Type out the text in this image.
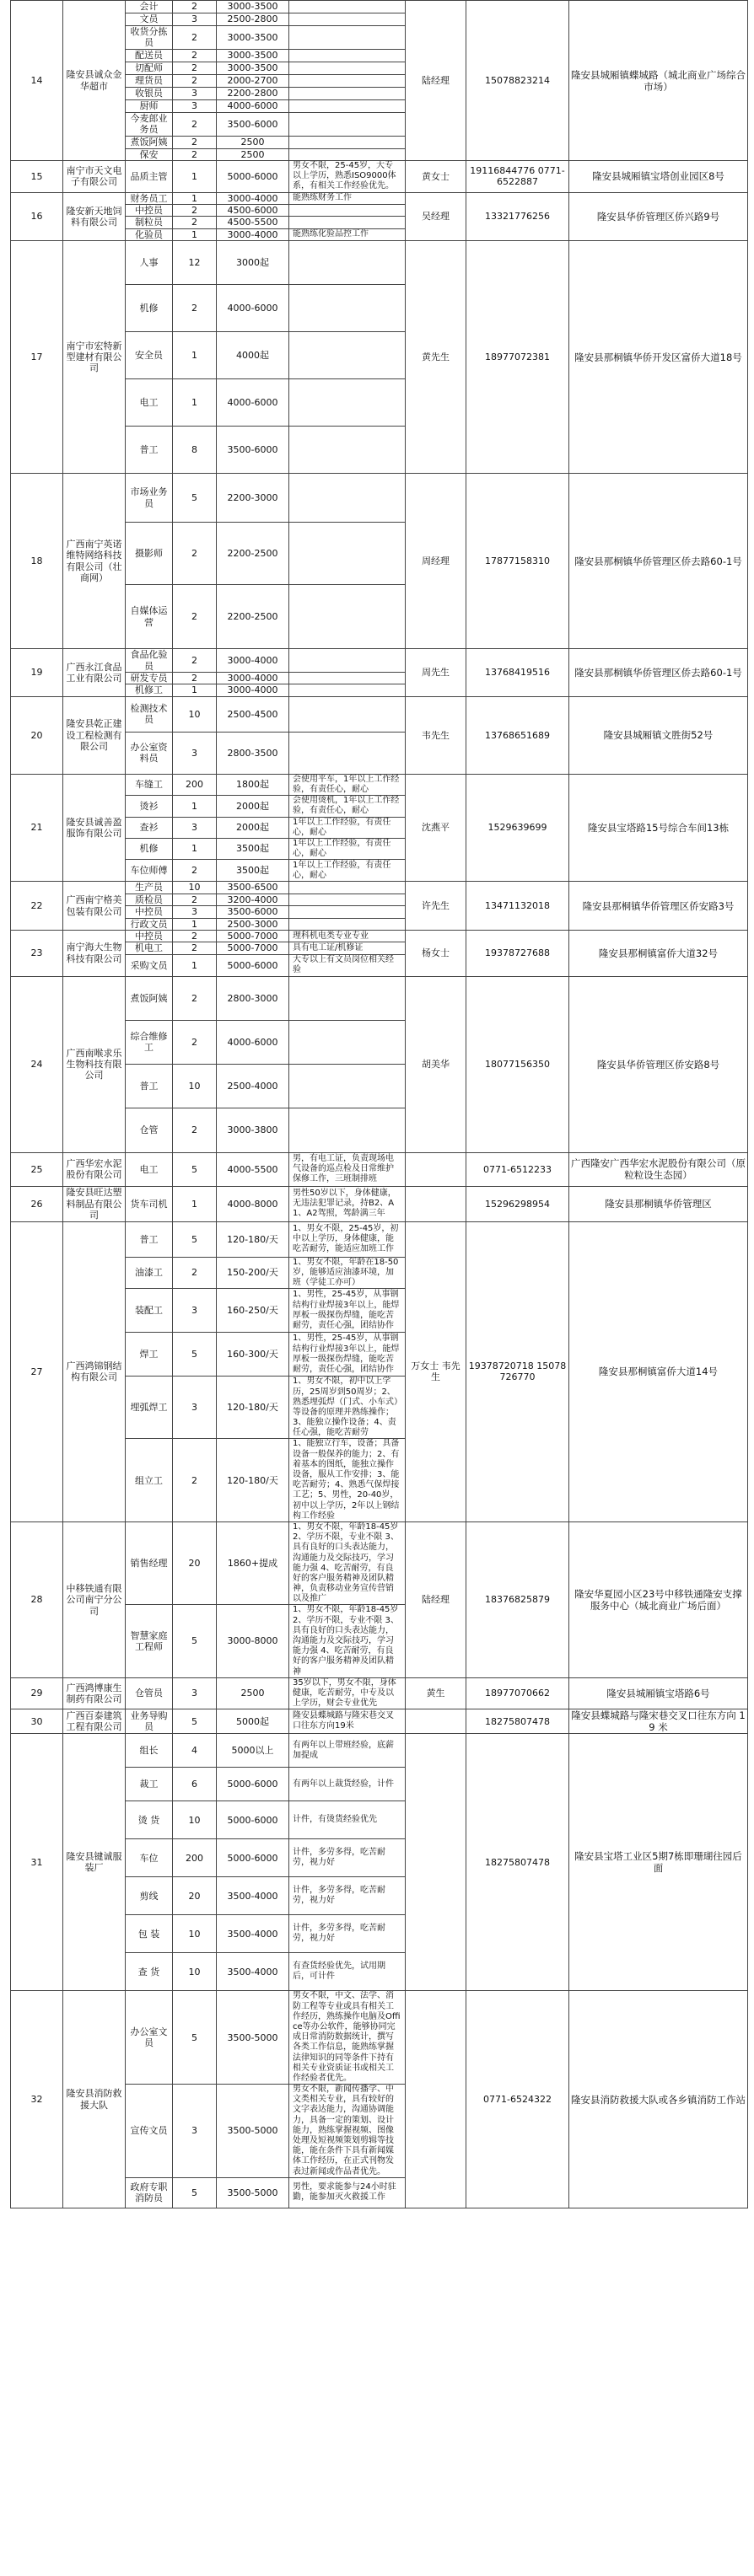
14	隆安县诚众金华超市	会计	2	3000-3500		陆经理	15078823214	隆安县城厢镇蝶城路（城北商业广场综合市场）
		文员	3	2500-2800				
		收货分拣员	2	3000-3500				
		配送员	2	3000-3500				
		切配师	2	3000-3500				
		理货员	2	2000-2700				
		收银员	3	2200-2800				
		厨师	3	4000-6000				
		今麦郎业务员	2	3500-6000				
		煮饭阿姨	2	2500				
		保安	2	2500				
15	南宁市天文电子有限公司	品质主管	1	5000-6000	男女不限，25-45岁，大专以上学历，熟悉ISO9000体系，有相关工作经验优先。	黄女士	19116844776 0771-6522887	隆安县城厢镇宝塔创业园区8号
16	隆安新天地饲料有限公司	财务员工	1	3000-4000	能熟练财务工作	吴经理	13321776256	隆安县华侨管理区侨兴路9号
		中控员	2	4500-6000				
		制粒员	2	4500-5500				
		化验员	1	3000-4000	能熟练化验品控工作			
17	南宁市宏特新型建材有限公司	人事	12	3000起		黄先生	18977072381	隆安县那桐镇华侨开发区富侨大道18号
		机修	2	4000-6000				
		安全员	1	4000起				
		电工	1	4000-6000				
		普工	8	3500-6000				
18	广西南宁英诺维特网络科技有限公司（壮商网）	市场业务员	5	2200-3000		周经理	17877158310	隆安县那桐镇华侨管理区侨去路60-1号
		摄影师	2	2200-2500				
		自媒体运营	2	2200-2500				
19	广西永江食品工业有限公司	食品化验员	2	3000-4000		周先生	13768419516	隆安县那桐镇华侨管理区侨去路60-1号
		研发专员	2	3000-4000				
		机修工	1	3000-4000				
20	隆安县乾正建设工程检测有限公司	检测技术员	10	2500-4500		韦先生	13768651689	隆安县城厢镇文胜街52号
		办公室资料员	3	2800-3500				
21	隆安县诚善盈服饰有限公司	车缝工	200	1800起	会使用平车，1年以上工作经验，有责任心，耐心	沈燕平	1529639699	隆安县宝塔路15号综合车间13栋
		烫衫	1	2000起	会使用烫机，1年以上工作经验，有责任心，耐心			
		查衫	3	2000起	1年以上工作经验，有责任心，耐心			
		机修	1	3500起	1年以上工作经验，有责任心，耐心			
		车位师傅	2	3500起	1年以上工作经验，有责任心，耐心			
22	广西南宁格美包装有限公司	生产员	10	3500-6500		许先生	13471132018	隆安县那桐镇华侨管理区侨安路3号
		质检员	2	3200-4000				
		中控员	3	3500-6000				
		行政文员	1	2500-3000				
23	南宁海大生物科技有限公司	中控员	2	5000-7000	理科机电类专业专业	杨女士	19378727688	隆安县那桐镇富侨大道32号
		机电工	2	5000-7000	具有电工证/机修证			
		采购文员	1	5000-6000	大专以上有文员岗位相关经验			
24	广西南喉求乐生物科技有限公司	煮饭阿姨	2	2800-3000		胡美华	18077156350	隆安县华侨管理区侨安路8号
		综合维修工	2	4000-6000				
		普工	10	2500-4000				
		仓管	2	3000-3800				
25	广西华宏水泥股份有限公司	电工	5	4000-5500	男，有电工证，负责现场电气设备的巡点检及日常维护保修工作，三班制排班		0771-6512233	广西隆安广西华宏水泥股份有限公司（原粒粒设生态园）
26	隆安县旺达塑料制品有限公司	货车司机	1	4000-8000	男性50岁以下，身体健康，无违法犯罪记录，持B2、A1、A2驾照，驾龄满三年		15296298954	隆安县那桐镇华侨管理区
27	广西鸿锦钢结构有限公司	普工	5	120-180/天	1、男女不限，25-45岁，初中以上学历，身体健康，能吃苦耐劳，能适应加班工作	万女士 韦先生	19378720718 15078726770	隆安县那桐镇富侨大道14号
		油漆工	2	150-200/天	1、男女不限，年龄在18-50岁，能够适应油漆环境，加班（学徒工亦可）			
		装配工	3	160-250/天	1、男性，25-45岁，从事钢结构行业焊接3年以上，能焊厚板一级探伤焊缝，能吃苦耐劳，责任心强，团结协作			
		焊工	5	160-300/天	1、男性，25-45岁，从事钢结构行业焊接3年以上，能焊厚板一级探伤焊缝，能吃苦耐劳，责任心强，团结协作			
		埋弧焊工	3	120-180/天	1、男女不限，初中以上学历，25周岁到50周岁；2、熟悉埋弧焊（门式、小车式）等设备的原理并熟练操作；3、能独立操作设备；4、责任心强，能吃苦耐劳			
		组立工	2	120-180/天	1、能独立行车，设备；具备设备一般保养的能力；2、有着基本的图纸，能独立操作设备，服从工作安排；3、能吃苦耐劳；4、熟悉气保焊接工艺；5、男性，20-40岁，初中以上学历，2年以上钢结构工作经验			
28	中移铁通有限公司南宁分公司	销售经理	20	1860+提成	1、男女不限，年龄18-45岁 2、学历不限，专业不限 3、具有良好的口头表达能力，沟通能力及交际技巧，学习能力强 4、吃苦耐劳，有良好的客户服务精神及团队精神，负责移动业务宣传营销以及推广	陆经理	18376825879	隆安华夏园小区23号中移铁通隆安支撑服务中心（城北商业广场后面）
		智慧家庭工程师	5	3000-8000	1、男女不限，年龄18-45岁 2、学历不限，专业不限 3、具有良好的口头表达能力，沟通能力及交际技巧，学习能力强 4、吃苦耐劳，有良好的客户服务精神及团队精神			
29	广西鸿博康生制药有限公司	仓管员	3	2500	35岁以下，男女不限，身体健康，吃苦耐劳，中专及以上学历，财会专业优先	黄生	18977070662	隆安县城厢镇宝塔路6号
30	广西百泰建筑工程有限公司	业务导购员	5	5000起	隆安县蝶城路与隆宋巷交叉口往东方向19米		18275807478	隆安县蝶城路与隆宋巷交叉口往东方向 19 米
31	隆安县键诚服装厂	组长	4	5000以上	有两年以上带班经验，底薪加提成		18275807478	隆安县宝塔工业区5期7栋即珊瑚往园后面
		裁工	6	5000-6000	有两年以上裁货经验，计件			
		烫 货	10	5000-6000	计件，有烫货经验优先			
		车位	200	5000-6000	计件，多劳多得，吃苦耐劳，视力好			
		剪线	20	3500-4000	计件，多劳多得，吃苦耐劳，视力好			
		包 装	10	3500-4000	计件，多劳多得，吃苦耐劳，视力好			
		查 货	10	3500-4000	有查货经验优先，试用期后，可计件			
32	隆安县消防救援大队	办公室文员	5	3500-5000	男女不限，中文、法学、消防工程等专业或具有相关工作经历，熟练操作电脑及Office等办公软件，能够协同完成日常消防数据统计，撰写各类工作信息，能熟练掌握法律知识的同等条件下持有相关专业资质证书或相关工作经验者优先。		0771-6524322	隆安县消防救援大队或各乡镇消防工作站
		宣传文员	3	3500-5000	男女不限，新闻传播学、中文类相关专业，具有较好的文字表达能力，沟通协调能力，具备一定的策划、设计能力，熟练掌握视频、图像处理及短视频策划剪辑等技能，能在条件下具有新闻媒体工作经历，在正式刊物发表过新闻或作品者优先。			
		政府专职消防员	5	3500-5000	男性，要求能参与24小时驻勤，能参加灭火救援工作			
